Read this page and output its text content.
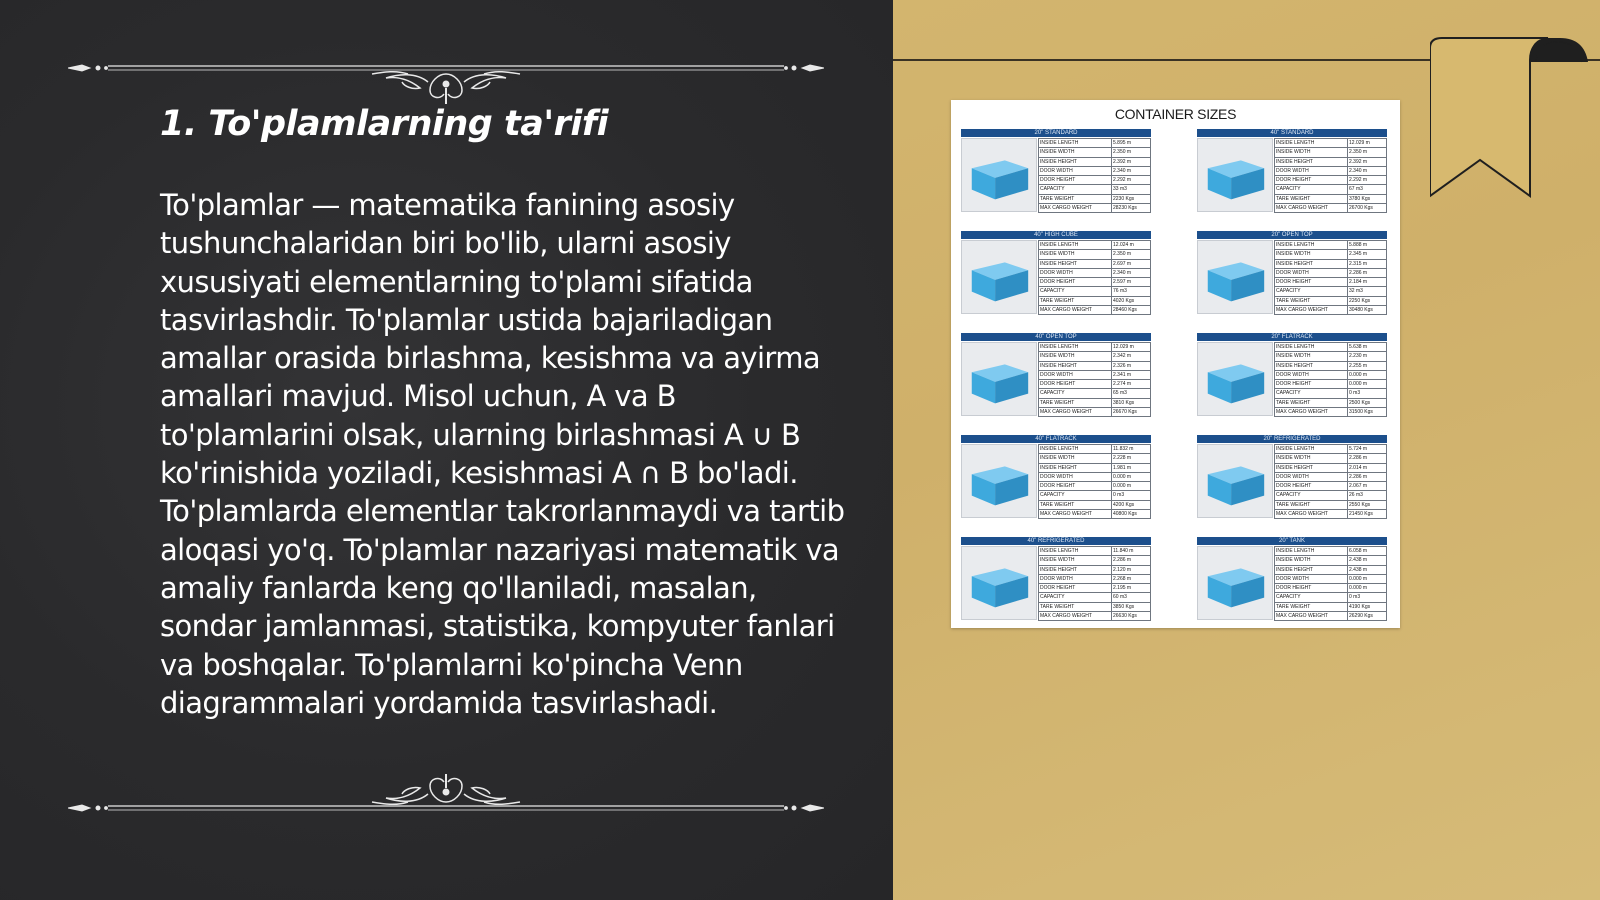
1. To'plamlarning ta'rifi

To'plamlar — matematika fanining asosiy tushunchalaridan biri bo'lib, ularni asosiy xususiyati elementlarning to'plami sifatida tasvirlashdir. To'plamlar ustida bajariladigan amallar orasida birlashma, kesishma va ayirma amallari mavjud. Misol uchun, A va B to'plamlarini olsak, ularning birlashmasi A ∪ B ko'rinishida yoziladi, kesishmasi A ∩ B bo'ladi. To'plamlarda elementlar takrorlanmaydi va tartib aloqasi yo'q. To'plamlar nazariyasi matematik va amaliy fanlarda keng qo'llaniladi, masalan, sondar jamlanmasi, statistika, kompyuter fanlari va boshqalar. To'plamlarni ko'pincha Venn diagrammalari yordamida tasvirlashadi.

CONTAINER SIZES
20" STANDARD
INSIDE LENGTH	5.895 m
INSIDE WIDTH	2.350 m
INSIDE HEIGHT	2.392 m
DOOR WIDTH	2.340 m
DOOR HEIGHT	2.292 m
CAPACITY	33 m3
TARE WEIGHT	2230 Kgs
MAX CARGO WEIGHT	28230 Kgs
40" STANDARD
INSIDE LENGTH	12.029 m
INSIDE WIDTH	2.350 m
INSIDE HEIGHT	2.392 m
DOOR WIDTH	2.340 m
DOOR HEIGHT	2.292 m
CAPACITY	67 m3
TARE WEIGHT	3780 Kgs
MAX CARGO WEIGHT	26700 Kgs
40" HIGH CUBE
INSIDE LENGTH	12.024 m
INSIDE WIDTH	2.350 m
INSIDE HEIGHT	2.697 m
DOOR WIDTH	2.340 m
DOOR HEIGHT	2.597 m
CAPACITY	76 m3
TARE WEIGHT	4020 Kgs
MAX CARGO WEIGHT	28460 Kgs
20" OPEN TOP
INSIDE LENGTH	5.888 m
INSIDE WIDTH	2.345 m
INSIDE HEIGHT	2.315 m
DOOR WIDTH	2.286 m
DOOR HEIGHT	2.184 m
CAPACITY	32 m3
TARE WEIGHT	2250 Kgs
MAX CARGO WEIGHT	30480 Kgs
40" OPEN TOP
INSIDE LENGTH	12.029 m
INSIDE WIDTH	2.342 m
INSIDE HEIGHT	2.326 m
DOOR WIDTH	2.341 m
DOOR HEIGHT	2.274 m
CAPACITY	65 m3
TARE WEIGHT	3810 Kgs
MAX CARGO WEIGHT	26670 Kgs
20" FLATRACK
INSIDE LENGTH	5.638 m
INSIDE WIDTH	2.230 m
INSIDE HEIGHT	2.255 m
DOOR WIDTH	0.000 m
DOOR HEIGHT	0.000 m
CAPACITY	0 m3
TARE WEIGHT	2500 Kgs
MAX CARGO WEIGHT	31500 Kgs
40" FLATRACK
INSIDE LENGTH	11.832 m
INSIDE WIDTH	2.228 m
INSIDE HEIGHT	1.981 m
DOOR WIDTH	0.000 m
DOOR HEIGHT	0.000 m
CAPACITY	0 m3
TARE WEIGHT	4200 Kgs
MAX CARGO WEIGHT	40800 Kgs
20" REFRIGERATED
INSIDE LENGTH	5.724 m
INSIDE WIDTH	2.286 m
INSIDE HEIGHT	2.014 m
DOOR WIDTH	2.286 m
DOOR HEIGHT	2.067 m
CAPACITY	26 m3
TARE WEIGHT	2550 Kgs
MAX CARGO WEIGHT	21450 Kgs
40" REFRIGERATED
INSIDE LENGTH	11.840 m
INSIDE WIDTH	2.286 m
INSIDE HEIGHT	2.120 m
DOOR WIDTH	2.268 m
DOOR HEIGHT	2.195 m
CAPACITY	60 m3
TARE WEIGHT	3850 Kgs
MAX CARGO WEIGHT	26630 Kgs
20" TANK
INSIDE LENGTH	6.058 m
INSIDE WIDTH	2.438 m
INSIDE HEIGHT	2.438 m
DOOR WIDTH	0.000 m
DOOR HEIGHT	0.000 m
CAPACITY	0 m3
TARE WEIGHT	4190 Kgs
MAX CARGO WEIGHT	26290 Kgs
